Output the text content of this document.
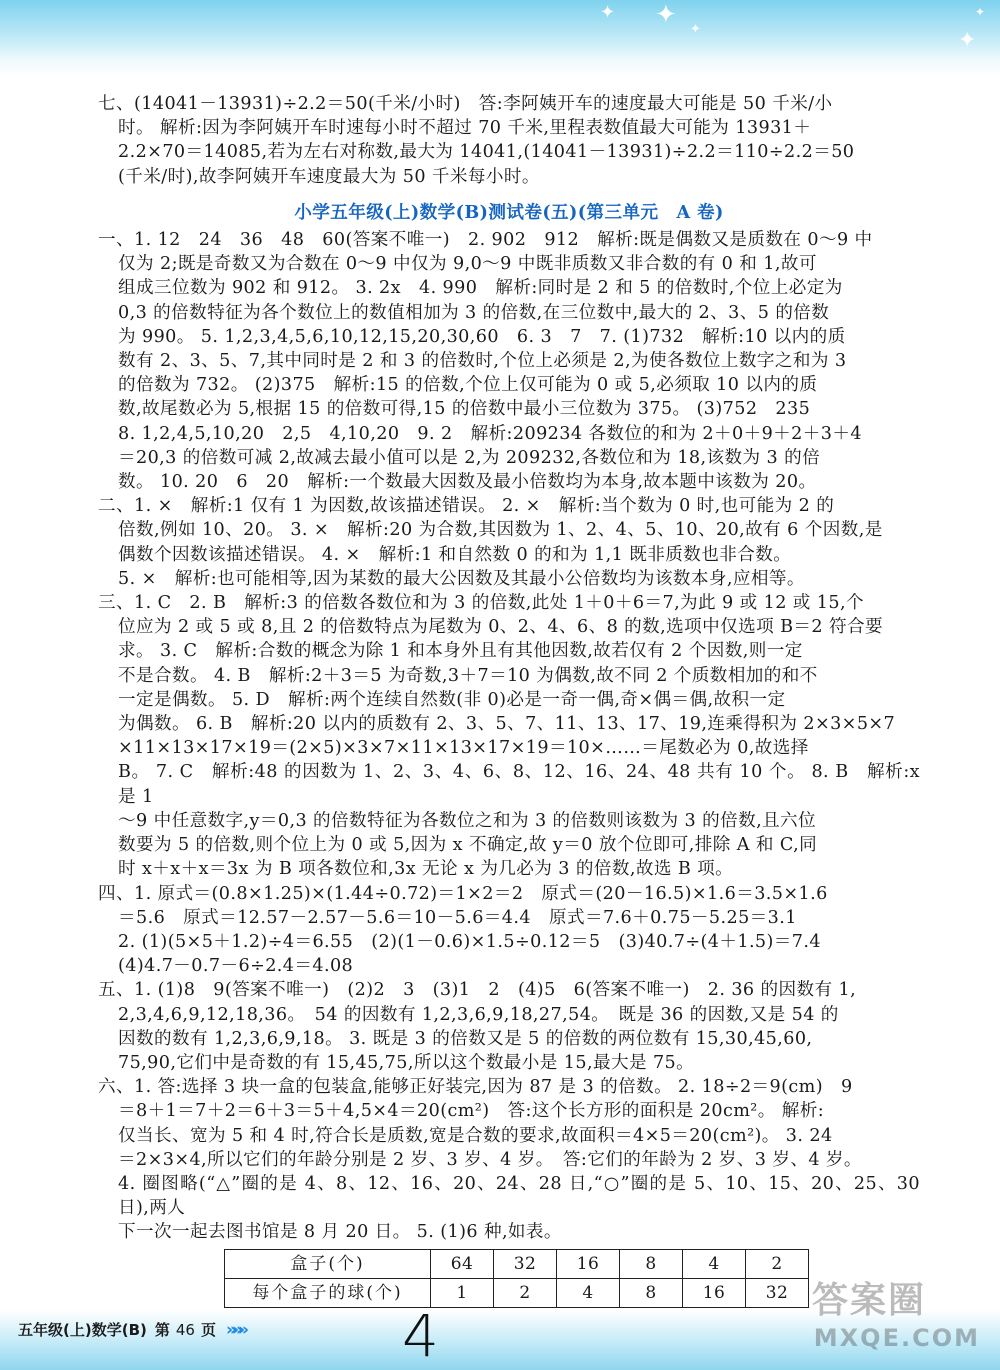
✦ ✦ ✦	✦
✦

七、(14041－13931)÷2.2＝50(千米/小时)　答:李阿姨开车的速度最大可能是 50 千米/小

时。 解析:因为李阿姨开车时速每小时不超过 70 千米,里程表数值最大可能为 13931＋

2.2×70＝14085,若为左右对称数,最大为 14041,(14041－13931)÷2.2＝110÷2.2＝50

(千米/时),故李阿姨开车速度最大为 50 千米每小时。

小学五年级(上)数学(B)测试卷(五)(第三单元　A 卷)

一、1. 12　24　36　48　60(答案不唯一)　2. 902　912　解析:既是偶数又是质数在 0～9 中

仅为 2;既是奇数又为合数在 0～9 中仅为 9,0～9 中既非质数又非合数的有 0 和 1,故可

组成三位数为 902 和 912。 3. 2x　4. 990　解析:同时是 2 和 5 的倍数时,个位上必定为

0,3 的倍数特征为各个数位上的数值相加为 3 的倍数,在三位数中,最大的 2、3、5 的倍数

为 990。 5. 1,2,3,4,5,6,10,12,15,20,30,60　6. 3　7　7. (1)732　解析:10 以内的质

数有 2、3、5、7,其中同时是 2 和 3 的倍数时,个位上必须是 2,为使各数位上数字之和为 3

的倍数为 732。 (2)375　解析:15 的倍数,个位上仅可能为 0 或 5,必须取 10 以内的质

数,故尾数必为 5,根据 15 的倍数可得,15 的倍数中最小三位数为 375。 (3)752　235

8. 1,2,4,5,10,20　2,5　4,10,20　9. 2　解析:209234 各数位的和为 2＋0＋9＋2＋3＋4

＝20,3 的倍数可减 2,故减去最小值可以是 2,为 209232,各数位和为 18,该数为 3 的倍

数。 10. 20　6　20　解析:一个数最大因数及最小倍数均为本身,故本题中该数为 20。

二、1. ×　解析:1 仅有 1 为因数,故该描述错误。 2. ×　解析:当个数为 0 时,也可能为 2 的

倍数,例如 10、20。 3. ×　解析:20 为合数,其因数为 1、2、4、5、10、20,故有 6 个因数,是

偶数个因数该描述错误。 4. ×　解析:1 和自然数 0 的和为 1,1 既非质数也非合数。

5. ×　解析:也可能相等,因为某数的最大公因数及其最小公倍数均为该数本身,应相等。

三、1. C　2. B　解析:3 的倍数各数位和为 3 的倍数,此处 1＋0＋6＝7,为此 9 或 12 或 15,个

位应为 2 或 5 或 8,且 2 的倍数特点为尾数为 0、2、4、6、8 的数,选项中仅选项 B＝2 符合要

求。 3. C　解析:合数的概念为除 1 和本身外且有其他因数,故若仅有 2 个因数,则一定

不是合数。 4. B　解析:2＋3＝5 为奇数,3＋7＝10 为偶数,故不同 2 个质数相加的和不

一定是偶数。 5. D　解析:两个连续自然数(非 0)必是一奇一偶,奇×偶＝偶,故积一定

为偶数。 6. B　解析:20 以内的质数有 2、3、5、7、11、13、17、19,连乘得积为 2×3×5×7

×11×13×17×19＝(2×5)×3×7×11×13×17×19＝10×……＝尾数必为 0,故选择

B。 7. C　解析:48 的因数为 1、2、3、4、6、8、12、16、24、48 共有 10 个。 8. B　解析:x 是 1

～9 中任意数字,y＝0,3 的倍数特征为各数位之和为 3 的倍数则该数为 3 的倍数,且六位

数要为 5 的倍数,则个位上为 0 或 5,因为 x 不确定,故 y＝0 放个位即可,排除 A 和 C,同

时 x＋x＋x＝3x 为 B 项各数位和,3x 无论 x 为几必为 3 的倍数,故选 B 项。

四、1. 原式＝(0.8×1.25)×(1.44÷0.72)＝1×2＝2　原式＝(20－16.5)×1.6＝3.5×1.6

＝5.6　原式＝12.57－2.57－5.6＝10－5.6＝4.4　原式＝7.6＋0.75－5.25＝3.1

2. (1)(5×5＋1.2)÷4＝6.55　(2)(1－0.6)×1.5÷0.12＝5　(3)40.7÷(4＋1.5)＝7.4

(4)4.7－0.7－6÷2.4＝4.08

五、1. (1)8　9(答案不唯一)　(2)2　3　(3)1　2　(4)5　6(答案不唯一)　2. 36 的因数有 1,

2,3,4,6,9,12,18,36。　54 的因数有 1,2,3,6,9,18,27,54。　既是 36 的因数,又是 54 的

因数的数有 1,2,3,6,9,18。 3. 既是 3 的倍数又是 5 的倍数的两位数有 15,30,45,60,

75,90,它们中是奇数的有 15,45,75,所以这个数最小是 15,最大是 75。

六、1. 答:选择 3 块一盒的包装盒,能够正好装完,因为 87 是 3 的倍数。 2. 18÷2＝9(cm)　9

＝8＋1＝7＋2＝6＋3＝5＋4,5×4＝20(cm²)　答:这个长方形的面积是 20cm²。 解析:

仅当长、宽为 5 和 4 时,符合长是质数,宽是合数的要求,故面积＝4×5＝20(cm²)。 3. 24

＝2×3×4,所以它们的年龄分别是 2 岁、3 岁、4 岁。　答:它们的年龄为 2 岁、3 岁、4 岁。

4. 圈图略(“△”圈的是 4、8、12、16、20、24、28 日,“○”圈的是 5、10、15、20、25、30 日),两人

下一次一起去图书馆是 8 月 20 日。 5. (1)6 种,如表。

盒子(个)	64	32	16	8	4	2
每个盒子的球(个)	1	2	4	8	16	32
五年级(上)数学(B) 第 46 页 »»»	4
答案圈
MXQE.COM
